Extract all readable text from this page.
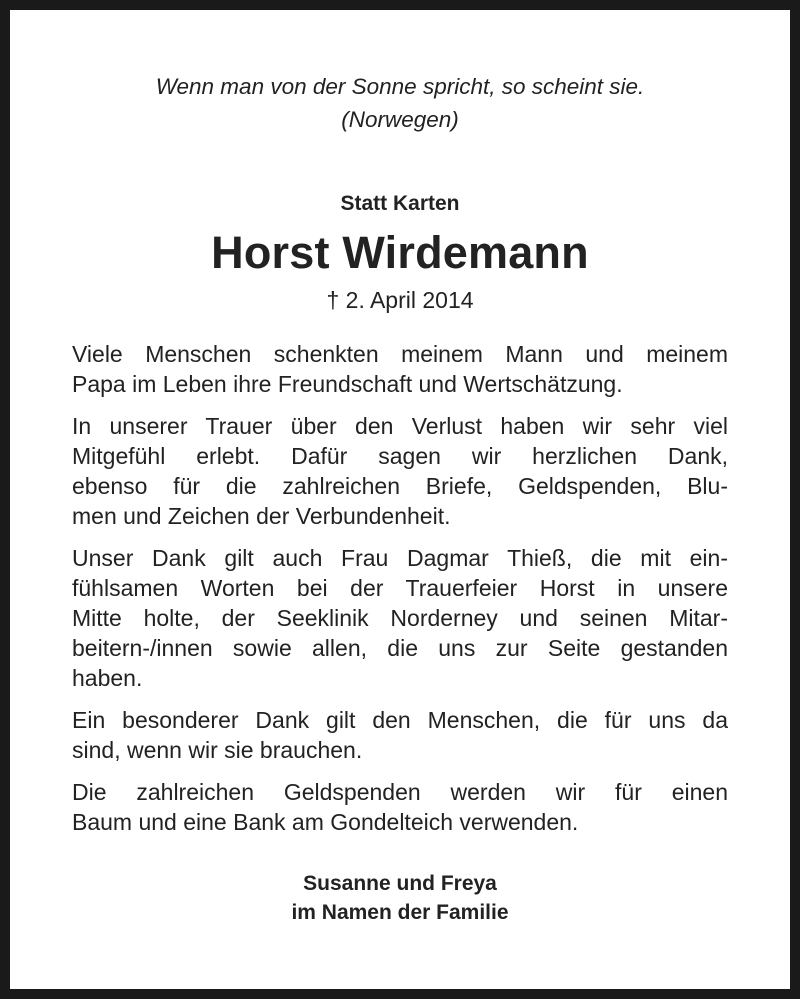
Wenn man von der Sonne spricht, so scheint sie.
(Norwegen)

Statt Karten

Horst Wirdemann

† 2. April 2014

Viele Menschen schenkten meinem Mann und meinem
Papa im Leben ihre Freundschaft und Wertschätzung.

In unserer Trauer über den Verlust haben wir sehr viel
Mitgefühl erlebt. Dafür sagen wir herzlichen Dank,
ebenso für die zahlreichen Briefe, Geldspenden, Blu-
men und Zeichen der Verbundenheit.

Unser Dank gilt auch Frau Dagmar Thieß, die mit ein-
fühlsamen Worten bei der Trauerfeier Horst in unsere
Mitte holte, der Seeklinik Norderney und seinen Mitar-
beitern-/innen sowie allen, die uns zur Seite gestanden
haben.

Ein besonderer Dank gilt den Menschen, die für uns da
sind, wenn wir sie brauchen.

Die zahlreichen Geldspenden werden wir für einen
Baum und eine Bank am Gondelteich verwenden.

Susanne und Freya
im Namen der Familie
